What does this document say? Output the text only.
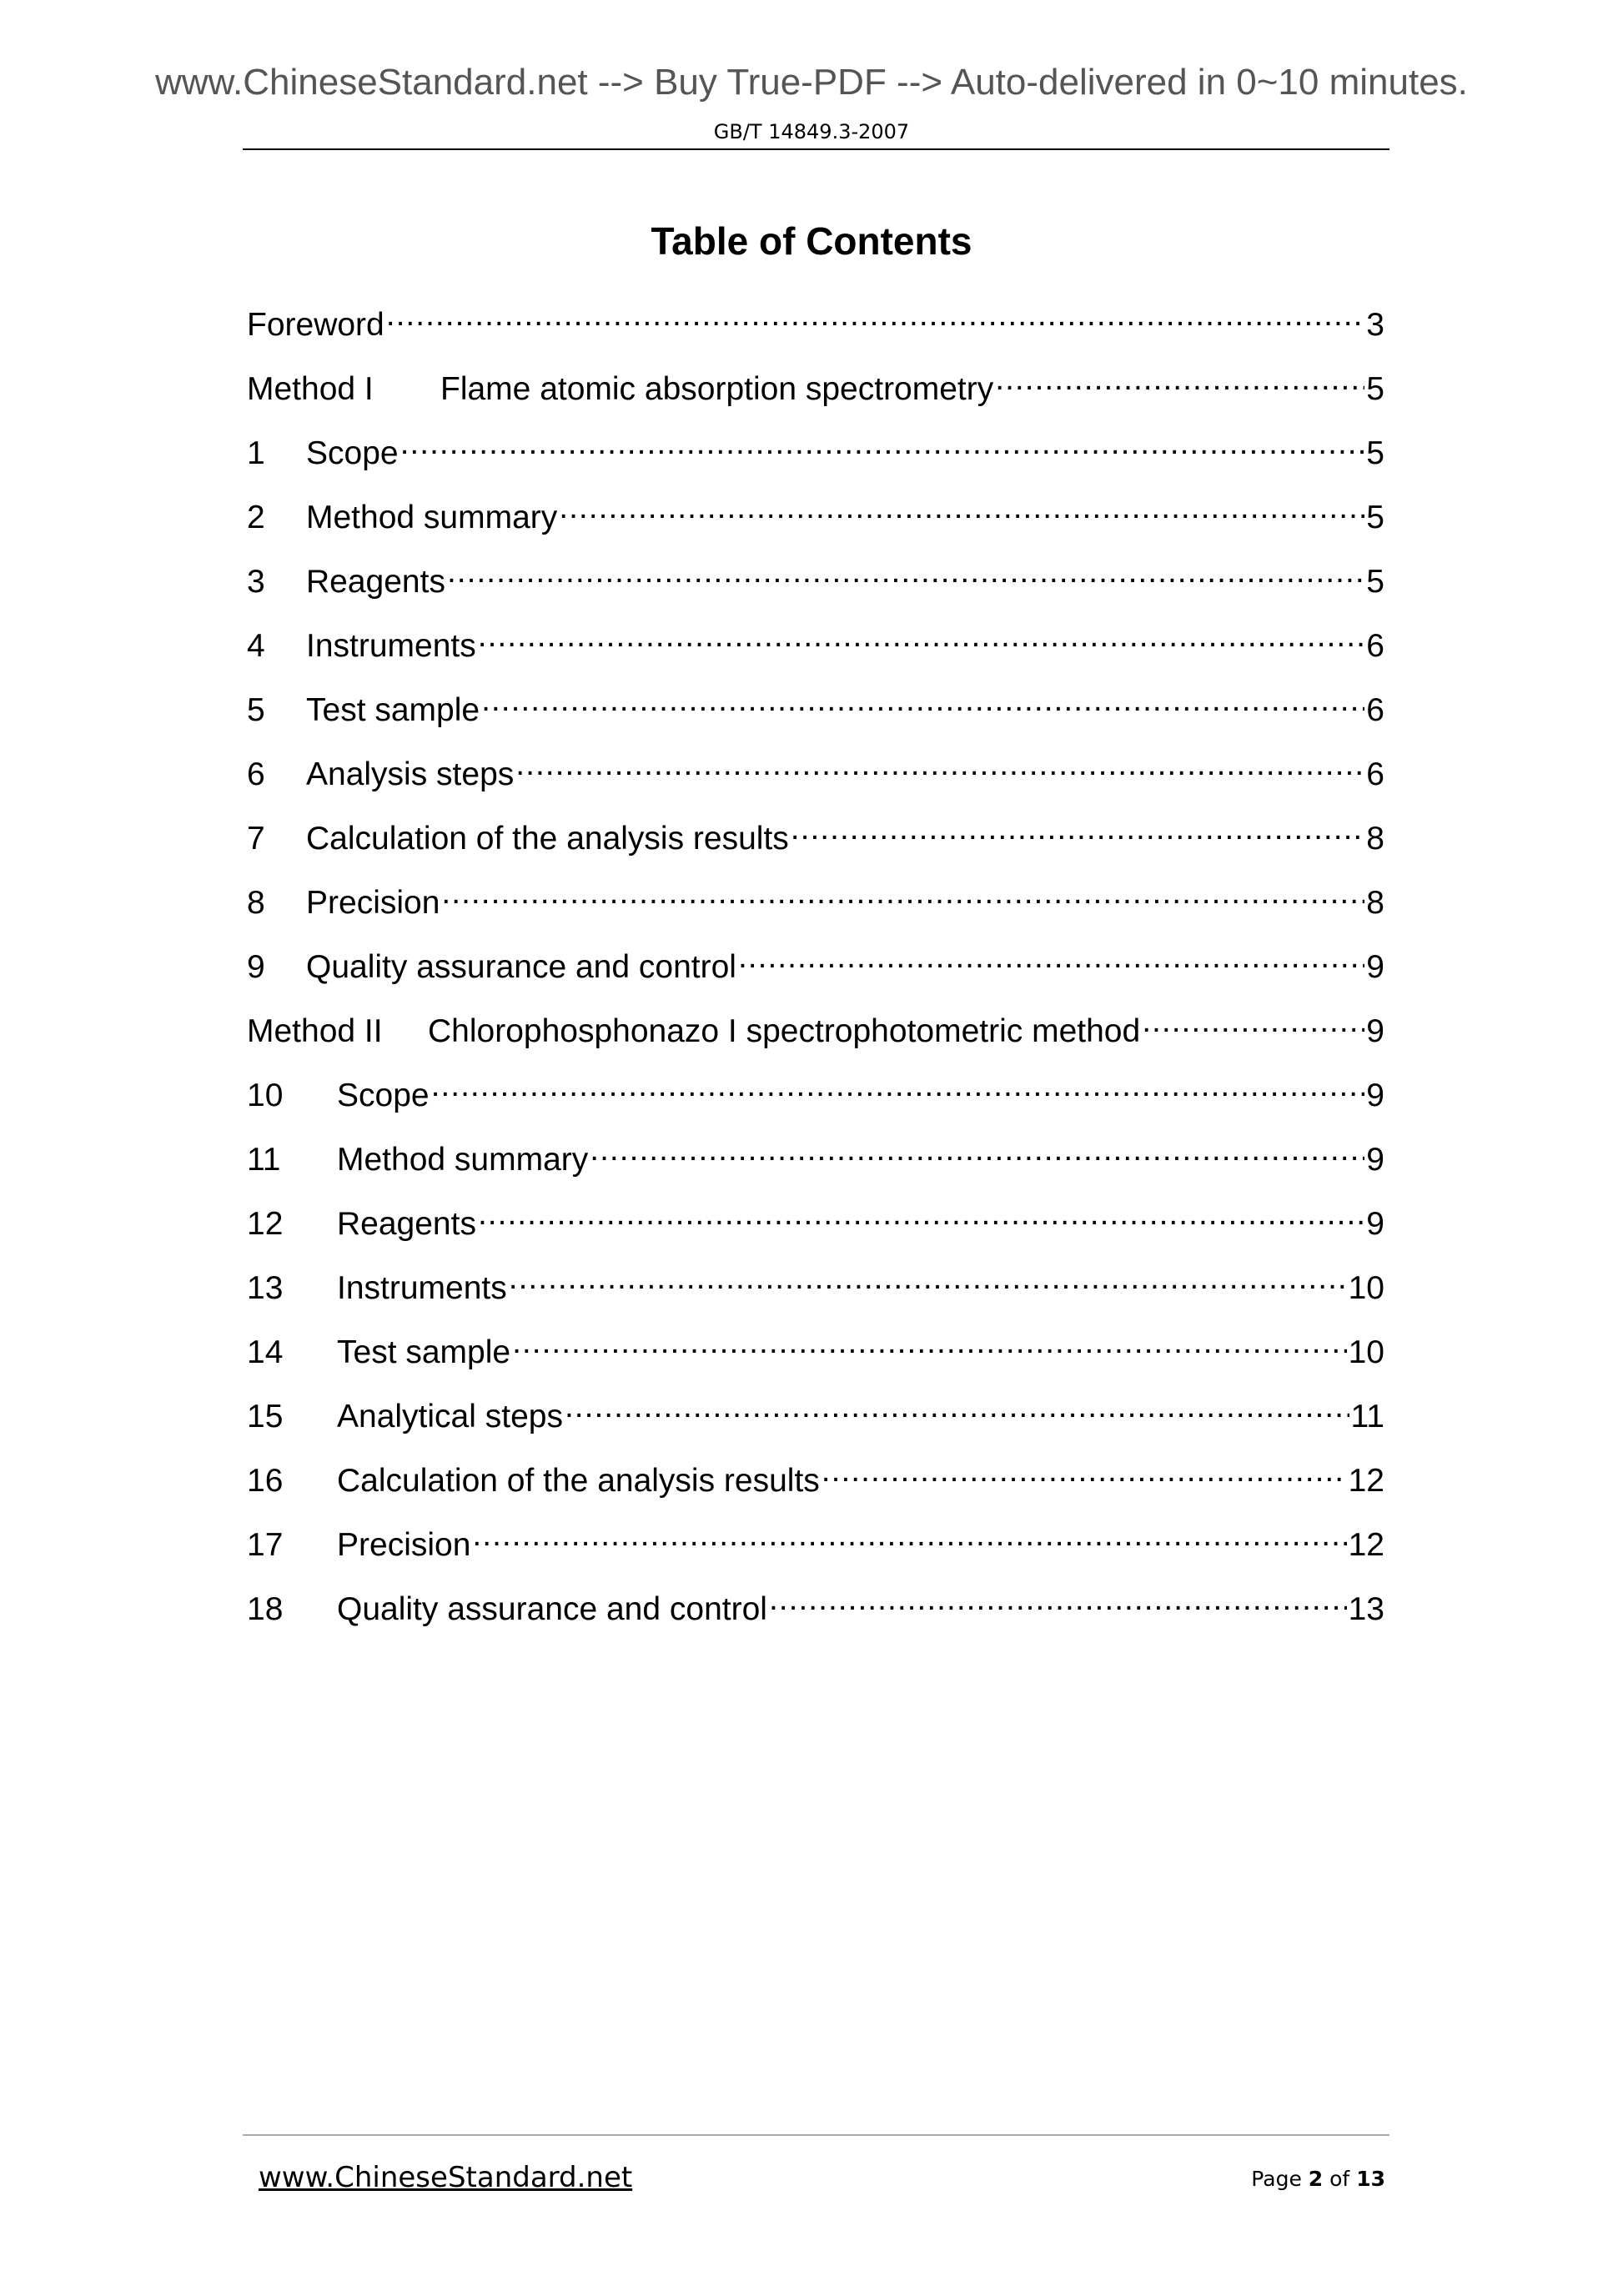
www.ChineseStandard.net --> Buy True-PDF --> Auto-delivered in 0~10 minutes.
GB/T 14849.3-2007
Table of Contents
Foreword .....	3
Method I	Flame atomic absorption spectrometry .....	5
1	Scope .....	5
2	Method summary .....	5
3	Reagents .....	5
4	Instruments .....	6
5	Test sample .....	6
6	Analysis steps .....	6
7	Calculation of the analysis results .....	8
8	Precision .....	8
9	Quality assurance and control .....	9
Method II	Chlorophosphonazo I spectrophotometric method .....	9
10	Scope .....	9
11	Method summary .....	9
12	Reagents .....	9
13	Instruments .....	10
14	Test sample .....	10
15	Analytical steps .....	11
16	Calculation of the analysis results .....	12
17	Precision .....	12
18	Quality assurance and control .....	13
www.ChineseStandard.net	Page 2 of 13
